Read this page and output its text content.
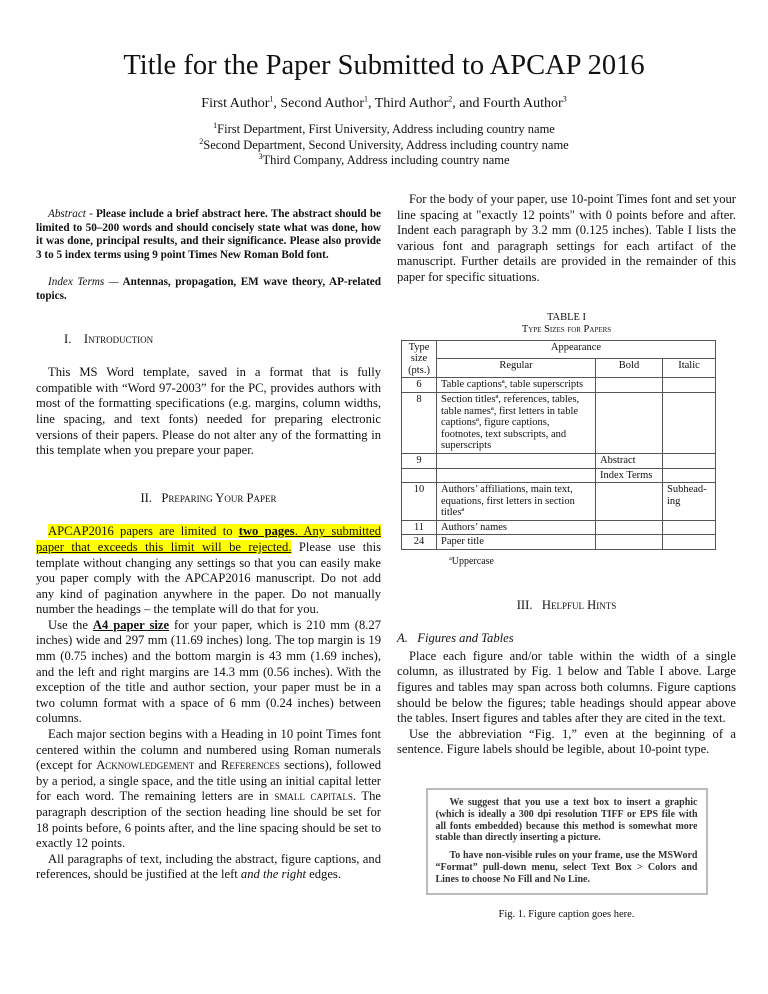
Title for the Paper Submitted to APCAP 2016
First Author$^1$, Second Author$^1$, Third Author$^2$, and Fourth Author$^3$
$^1$First Department, First University, Address including country name
$^2$Second Department, Second University, Address including country name
$^3$Third Company, Address including country name

Abstract - Please include a brief abstract here. The abstract should be limited to 50–200 words and should concisely state what was done, how it was done, principal results, and their significance. Please also provide 3 to 5 index terms using 9 point Times New Roman Bold font.

Index Terms — Antennas, propagation, EM wave theory, AP-related topics.

I.    Introduction

This MS Word template, saved in a format that is fully compatible with “Word 97-2003” for the PC, provides authors with most of the formatting specifications (e.g. margins, column widths, line spacing, and text fonts) needed for preparing electronic versions of their papers. Please do not alter any of the formatting in this template when you prepare your paper.

II.   Preparing Your Paper

APCAP2016 papers are limited to two pages. Any submitted paper that exceeds this limit will be rejected. Please use this template without changing any settings so that you can easily make you paper comply with the APCAP2016 manuscript. Do not add any kind of pagination anywhere in the paper. Do not manually number the headings – the template will do that for you.

Use the A4 paper size for your paper, which is 210 mm (8.27 inches) wide and 297 mm (11.69 inches) long. The top margin is 19 mm (0.75 inches) and the bottom margin is 43 mm (1.69 inches), and the left and right margins are 14.3 mm (0.56 inches). With the exception of the title and author section, your paper must be in a two column format with a space of 6 mm (0.24 inches) between columns.

Each major section begins with a Heading in 10 point Times font centered within the column and numbered using Roman numerals (except for Acknowledgement and References sections), followed by a period, a single space, and the title using an initial capital letter for each word. The remaining letters are in small capitals. The paragraph description of the section heading line should be set for 18 points before, 6 points after, and the line spacing should be set to exactly 12 points.

All paragraphs of text, including the abstract, figure captions, and references, should be justified at the left and the right edges.

For the body of your paper, use 10-point Times font and set your line spacing at "exactly 12 points" with 0 points before and after. Indent each paragraph by 3.2 mm (0.125 inches). Table I lists the various font and paragraph settings for each artifact of the manuscript. Further details are provided in the remainder of this paper for specific situations.

TABLE I
Type Sizes for Papers
Type size (pts.)	Appearance		
	Regular	Bold	Italic
6	Table captionsª, table superscripts		
8	Section titlesª, references, tables, table namesª, first letters in table captionsª, figure captions, footnotes, text subscripts, and superscripts		
9		Abstract	
		Index Terms	
10	Authors’ affiliations, main text, equations, first letters in section titlesª		Subhead-ing
11	Authors’ names		
24	Paper title		
ªUppercase
III.   Helpful Hints
A.   Figures and Tables

Place each figure and/or table within the width of a single column, as illustrated by Fig. 1 below and Table I above. Large figures and tables may span across both columns. Figure captions should be below the figures; table headings should appear above the tables. Insert figures and tables after they are cited in the text.

Use the abbreviation “Fig. 1,” even at the beginning of a sentence. Figure labels should be legible, about 10-point type.

We suggest that you use a text box to insert a graphic (which is ideally a 300 dpi resolution TIFF or EPS file with all fonts embedded) because this method is somewhat more stable than directly inserting a picture.

To have non-visible rules on your frame, use the MSWord “Format” pull-down menu, select Text Box > Colors and Lines to choose No Fill and No Line.

Fig. 1. Figure caption goes here.
